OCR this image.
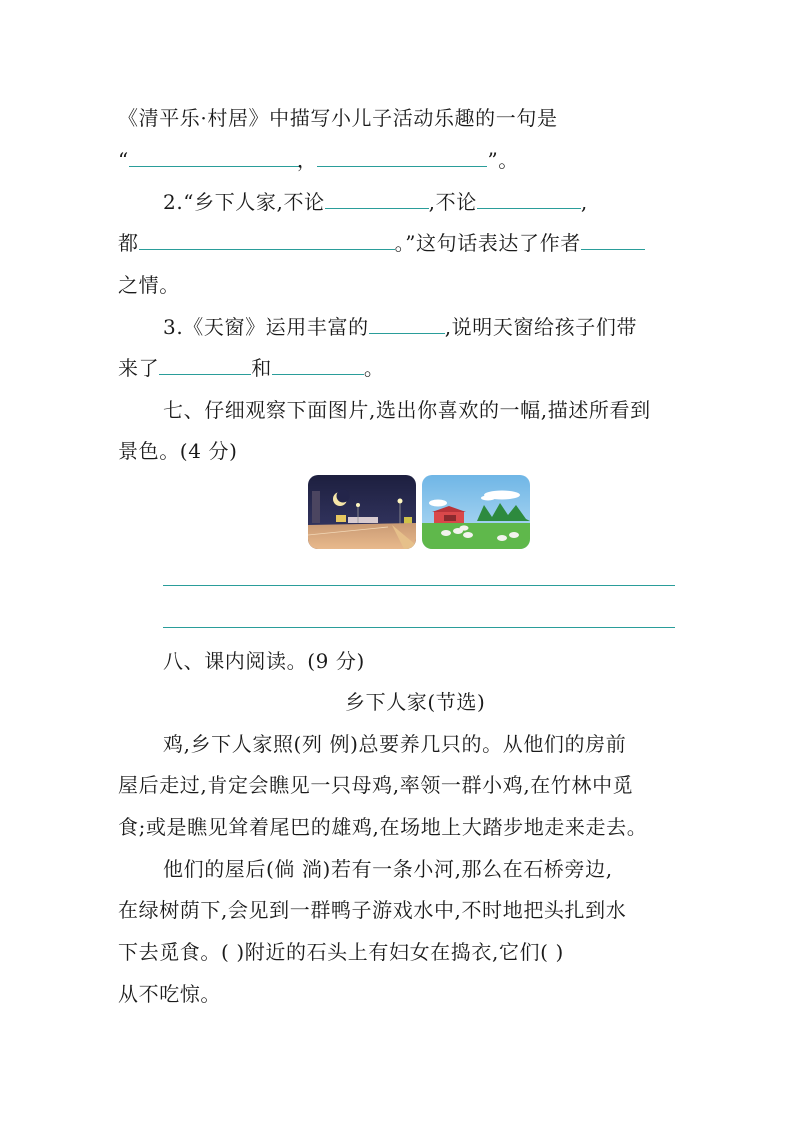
《清平乐·村居》中描写小儿子活动乐趣的一句是
“	，	”。
2.“乡下人家,不论	,不论	,
都	。”这句话表达了作者
之情。
3.《天窗》运用丰富的	,说明天窗给孩子们带
来了	和	。
七、仔细观察下面图片,选出你喜欢的一幅,描述所看到
景色。(4 分)
八、课内阅读。(9 分)
乡下人家(节选)
鸡,乡下人家照(列 例)总要养几只的。从他们的房前
屋后走过,肯定会瞧见一只母鸡,率领一群小鸡,在竹林中觅
食;或是瞧见耸着尾巴的雄鸡,在场地上大踏步地走来走去。
他们的屋后(倘 淌)若有一条小河,那么在石桥旁边,
在绿树荫下,会见到一群鸭子游戏水中,不时地把头扎到水
下去觅食。( )附近的石头上有妇女在捣衣,它们( )
从不吃惊。
